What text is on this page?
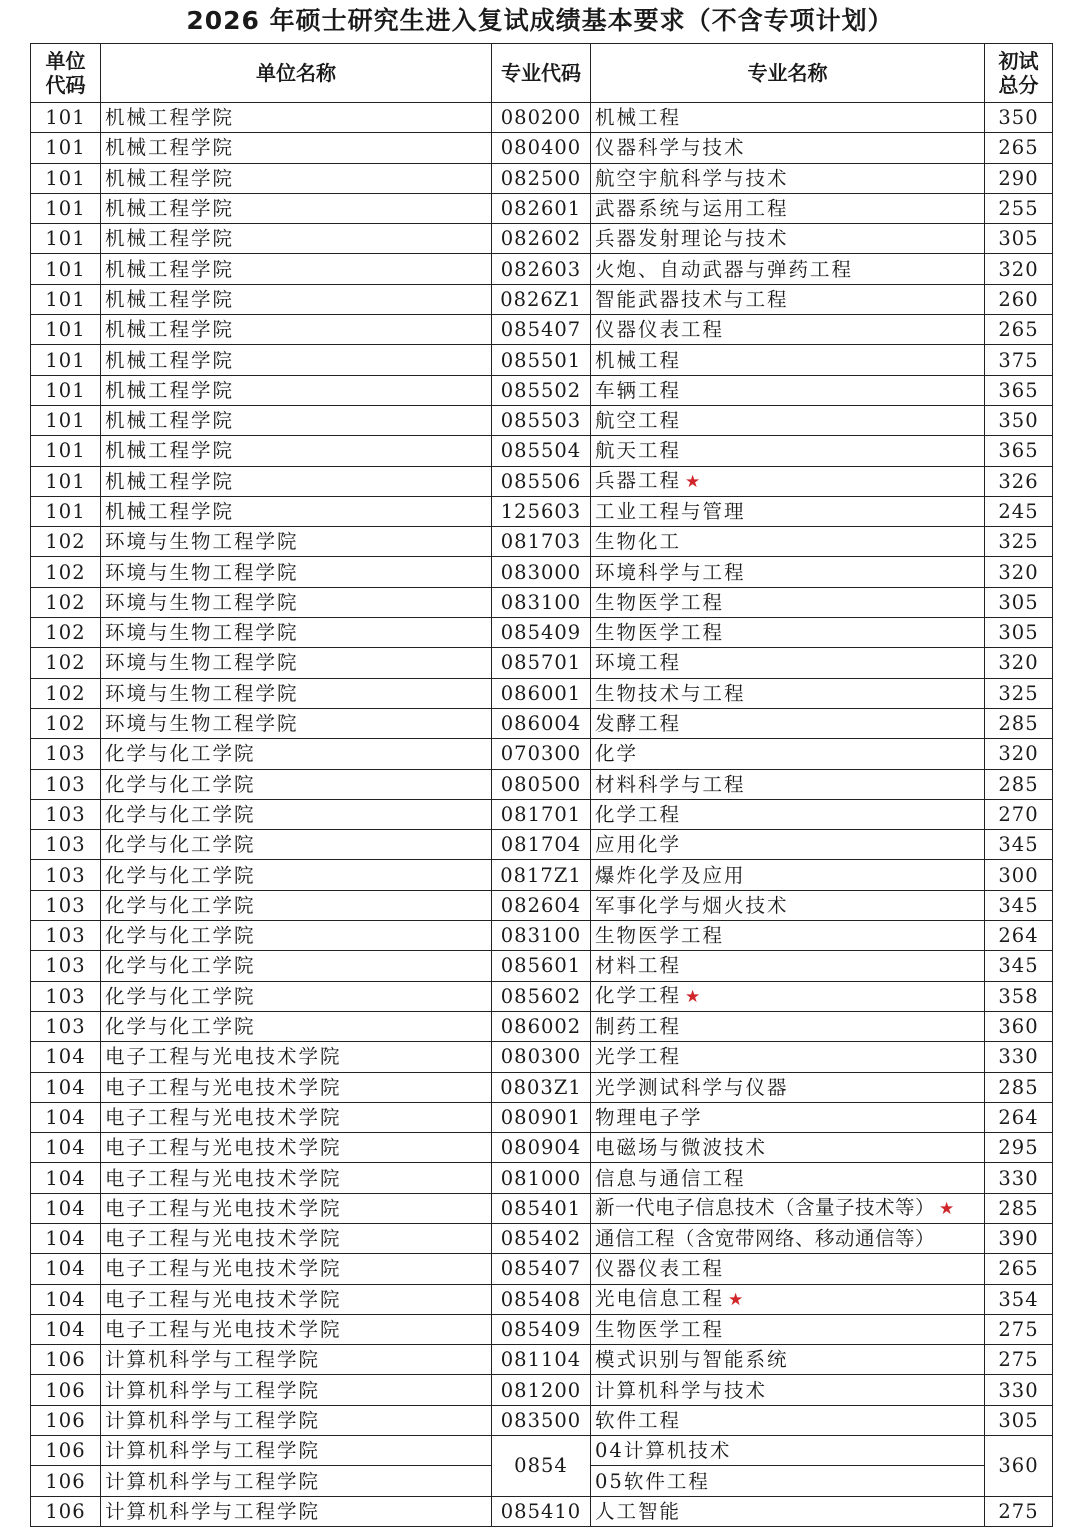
2026 年硕士研究生进入复试成绩基本要求（不含专项计划）
单位
代码	单位名称	专业代码	专业名称	初试
总分

101	机械工程学院	080200	机械工程	350
101	机械工程学院	080400	仪器科学与技术	265
101	机械工程学院	082500	航空宇航科学与技术	290
101	机械工程学院	082601	武器系统与运用工程	255
101	机械工程学院	082602	兵器发射理论与技术	305
101	机械工程学院	082603	火炮、自动武器与弹药工程	320
101	机械工程学院	0826Z1	智能武器技术与工程	260
101	机械工程学院	085407	仪器仪表工程	265
101	机械工程学院	085501	机械工程	375
101	机械工程学院	085502	车辆工程	365
101	机械工程学院	085503	航空工程	350
101	机械工程学院	085504	航天工程	365
101	机械工程学院	085506	兵器工程 ★	326
101	机械工程学院	125603	工业工程与管理	245
102	环境与生物工程学院	081703	生物化工	325
102	环境与生物工程学院	083000	环境科学与工程	320
102	环境与生物工程学院	083100	生物医学工程	305
102	环境与生物工程学院	085409	生物医学工程	305
102	环境与生物工程学院	085701	环境工程	320
102	环境与生物工程学院	086001	生物技术与工程	325
102	环境与生物工程学院	086004	发酵工程	285
103	化学与化工学院	070300	化学	320
103	化学与化工学院	080500	材料科学与工程	285
103	化学与化工学院	081701	化学工程	270
103	化学与化工学院	081704	应用化学	345
103	化学与化工学院	0817Z1	爆炸化学及应用	300
103	化学与化工学院	082604	军事化学与烟火技术	345
103	化学与化工学院	083100	生物医学工程	264
103	化学与化工学院	085601	材料工程	345
103	化学与化工学院	085602	化学工程 ★	358
103	化学与化工学院	086002	制药工程	360
104	电子工程与光电技术学院	080300	光学工程	330
104	电子工程与光电技术学院	0803Z1	光学测试科学与仪器	285
104	电子工程与光电技术学院	080901	物理电子学	264
104	电子工程与光电技术学院	080904	电磁场与微波技术	295
104	电子工程与光电技术学院	081000	信息与通信工程	330
104	电子工程与光电技术学院	085401	新一代电子信息技术（含量子技术等） ★	285
104	电子工程与光电技术学院	085402	通信工程（含宽带网络、移动通信等）	390
104	电子工程与光电技术学院	085407	仪器仪表工程	265
104	电子工程与光电技术学院	085408	光电信息工程 ★	354
104	电子工程与光电技术学院	085409	生物医学工程	275
106	计算机科学与工程学院	081104	模式识别与智能系统	275
106	计算机科学与工程学院	081200	计算机科学与技术	330
106	计算机科学与工程学院	083500	软件工程	305
106	计算机科学与工程学院	0854	04计算机技术	360
106	计算机科学与工程学院		05软件工程	
106	计算机科学与工程学院	085410	人工智能	275
